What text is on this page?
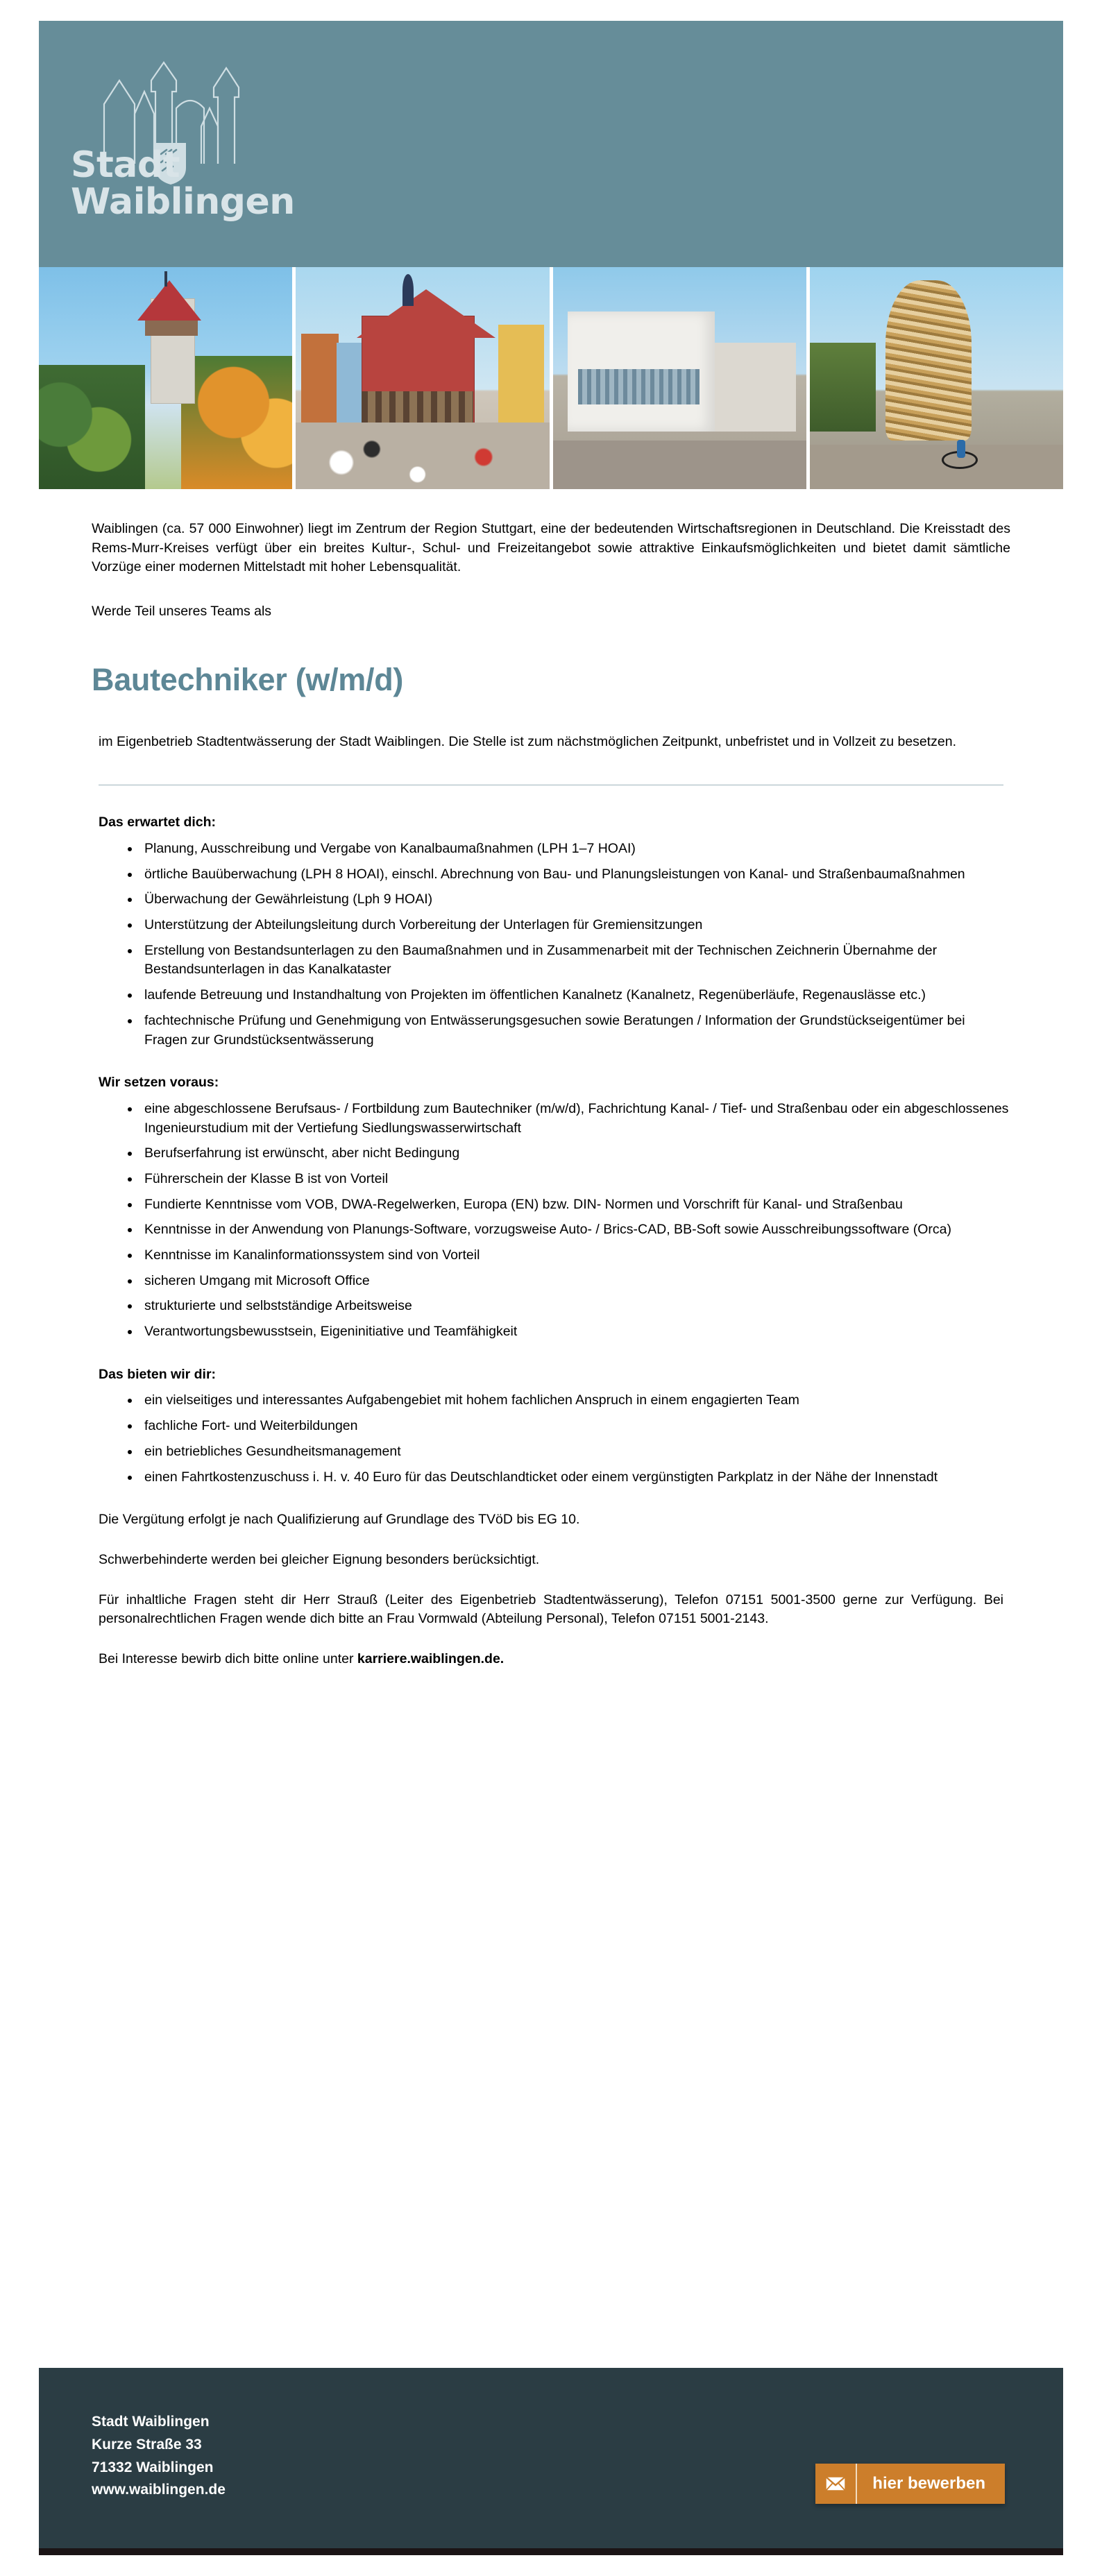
Stadt
Waiblingen

Waiblingen (ca. 57 000 Einwohner) liegt im Zentrum der Region Stuttgart, eine der bedeutenden Wirtschaftsregionen in Deutschland. Die Kreisstadt des Rems-Murr-Kreises verfügt über ein breites Kultur-, Schul- und Freizeitangebot sowie attraktive Einkaufsmöglichkeiten und bietet damit sämtliche Vorzüge einer modernen Mittelstadt mit hoher Lebensqualität.

Werde Teil unseres Teams als

Bautechniker (w/m/d)

im Eigenbetrieb Stadtentwässerung der Stadt Waiblingen. Die Stelle ist zum nächstmöglichen Zeitpunkt, unbefristet und in Vollzeit zu besetzen.

Das erwartet dich:
Planung, Ausschreibung und Vergabe von Kanalbaumaßnahmen (LPH 1–7 HOAI)
örtliche Bauüberwachung (LPH 8 HOAI), einschl. Abrechnung von Bau- und Planungsleistungen von Kanal- und Straßenbaumaßnahmen
Überwachung der Gewährleistung (Lph 9 HOAI)
Unterstützung der Abteilungsleitung durch Vorbereitung der Unterlagen für Gremiensitzungen
Erstellung von Bestandsunterlagen zu den Baumaßnahmen und in Zusammenarbeit mit der Technischen Zeichnerin Übernahme der Bestandsunterlagen in das Kanalkataster
laufende Betreuung und Instandhaltung von Projekten im öffentlichen Kanalnetz (Kanalnetz, Regenüberläufe, Regenauslässe etc.)
fachtechnische Prüfung und Genehmigung von Entwässerungsgesuchen sowie Beratungen / Information der Grundstückseigentümer bei Fragen zur Grundstücksentwässerung
Wir setzen voraus:
eine abgeschlossene Berufsaus- / Fortbildung zum Bautechniker (m/w/d), Fachrichtung Kanal- / Tief- und Straßenbau oder ein abgeschlossenes Ingenieurstudium mit der Vertiefung Siedlungswasserwirtschaft
Berufserfahrung ist erwünscht, aber nicht Bedingung
Führerschein der Klasse B ist von Vorteil
Fundierte Kenntnisse vom VOB, DWA-Regelwerken, Europa (EN) bzw. DIN- Normen und Vorschrift für Kanal- und Straßenbau
Kenntnisse in der Anwendung von Planungs-Software, vorzugsweise Auto- / Brics-CAD, BB-Soft sowie Ausschreibungssoftware (Orca)
Kenntnisse im Kanalinformationssystem sind von Vorteil
sicheren Umgang mit Microsoft Office
strukturierte und selbstständige Arbeitsweise
Verantwortungsbewusstsein, Eigeninitiative und Teamfähigkeit
Das bieten wir dir:
ein vielseitiges und interessantes Aufgabengebiet mit hohem fachlichen Anspruch in einem engagierten Team
fachliche Fort- und Weiterbildungen
ein betriebliches Gesundheitsmanagement
einen Fahrtkostenzuschuss i. H. v. 40 Euro für das Deutschlandticket oder einem vergünstigten Parkplatz in der Nähe der Innenstadt

Die Vergütung erfolgt je nach Qualifizierung auf Grundlage des TVöD bis EG 10.

Schwerbehinderte werden bei gleicher Eignung besonders berücksichtigt.

Für inhaltliche Fragen steht dir Herr Strauß (Leiter des Eigenbetrieb Stadtentwässerung), Telefon 07151 5001-3500 gerne zur Verfügung. Bei personalrechtlichen Fragen wende dich bitte an Frau Vormwald (Abteilung Personal), Telefon 07151 5001-2143.

Bei Interesse bewirb dich bitte online unter karriere.waiblingen.de.

Stadt Waiblingen
Kurze Straße 33
71332 Waiblingen
www.waiblingen.de	hier bewerben
